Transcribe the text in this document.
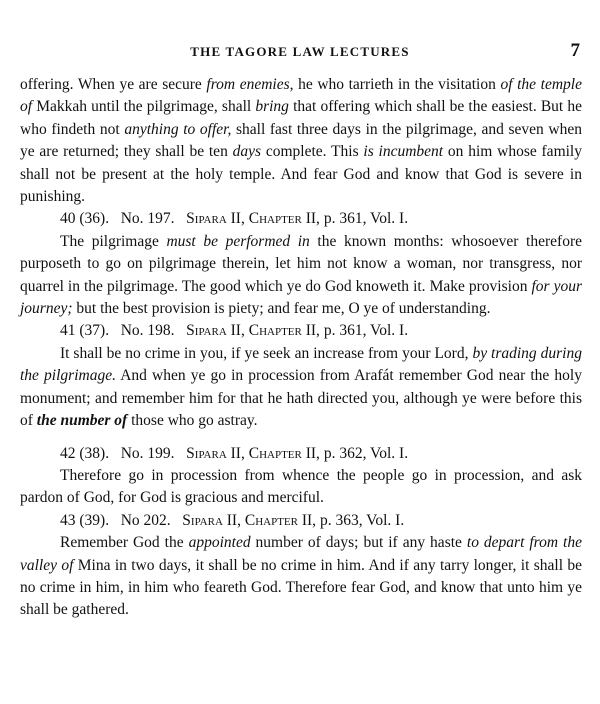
THE TAGORE LAW LECTURES	7

offering. When ye are secure from enemies, he who tarrieth in the visitation of the temple of Makkah until the pilgrimage, shall bring that offering which shall be the easiest. But he who findeth not anything to offer, shall fast three days in the pilgrimage, and seven when ye are returned; they shall be ten days complete. This is incumbent on him whose family shall not be present at the holy temple. And fear God and know that God is severe in punishing.

40 (36). No. 197. Sipara II, Chapter II, p. 361, Vol. I.

The pilgrimage must be performed in the known months: whosoever therefore purposeth to go on pilgrimage therein, let him not know a woman, nor transgress, nor quarrel in the pilgrimage. The good which ye do God knoweth it. Make provision for your journey; but the best provision is piety; and fear me, O ye of understanding.

41 (37). No. 198. Sipara II, Chapter II, p. 361, Vol. I.

It shall be no crime in you, if ye seek an increase from your Lord, by trading during the pilgrimage. And when ye go in procession from Arafát remember God near the holy monument; and remember him for that he hath directed you, although ye were before this of the number of those who go astray.

42 (38). No. 199. Sipara II, Chapter II, p. 362, Vol. I.

Therefore go in procession from whence the people go in procession, and ask pardon of God, for God is gracious and merciful.

43 (39). No 202. Sipara II, Chapter II, p. 363, Vol. I.

Remember God the appointed number of days; but if any haste to depart from the valley of Mina in two days, it shall be no crime in him. And if any tarry longer, it shall be no crime in him, in him who feareth God. Therefore fear God, and know that unto him ye shall be gathered.
